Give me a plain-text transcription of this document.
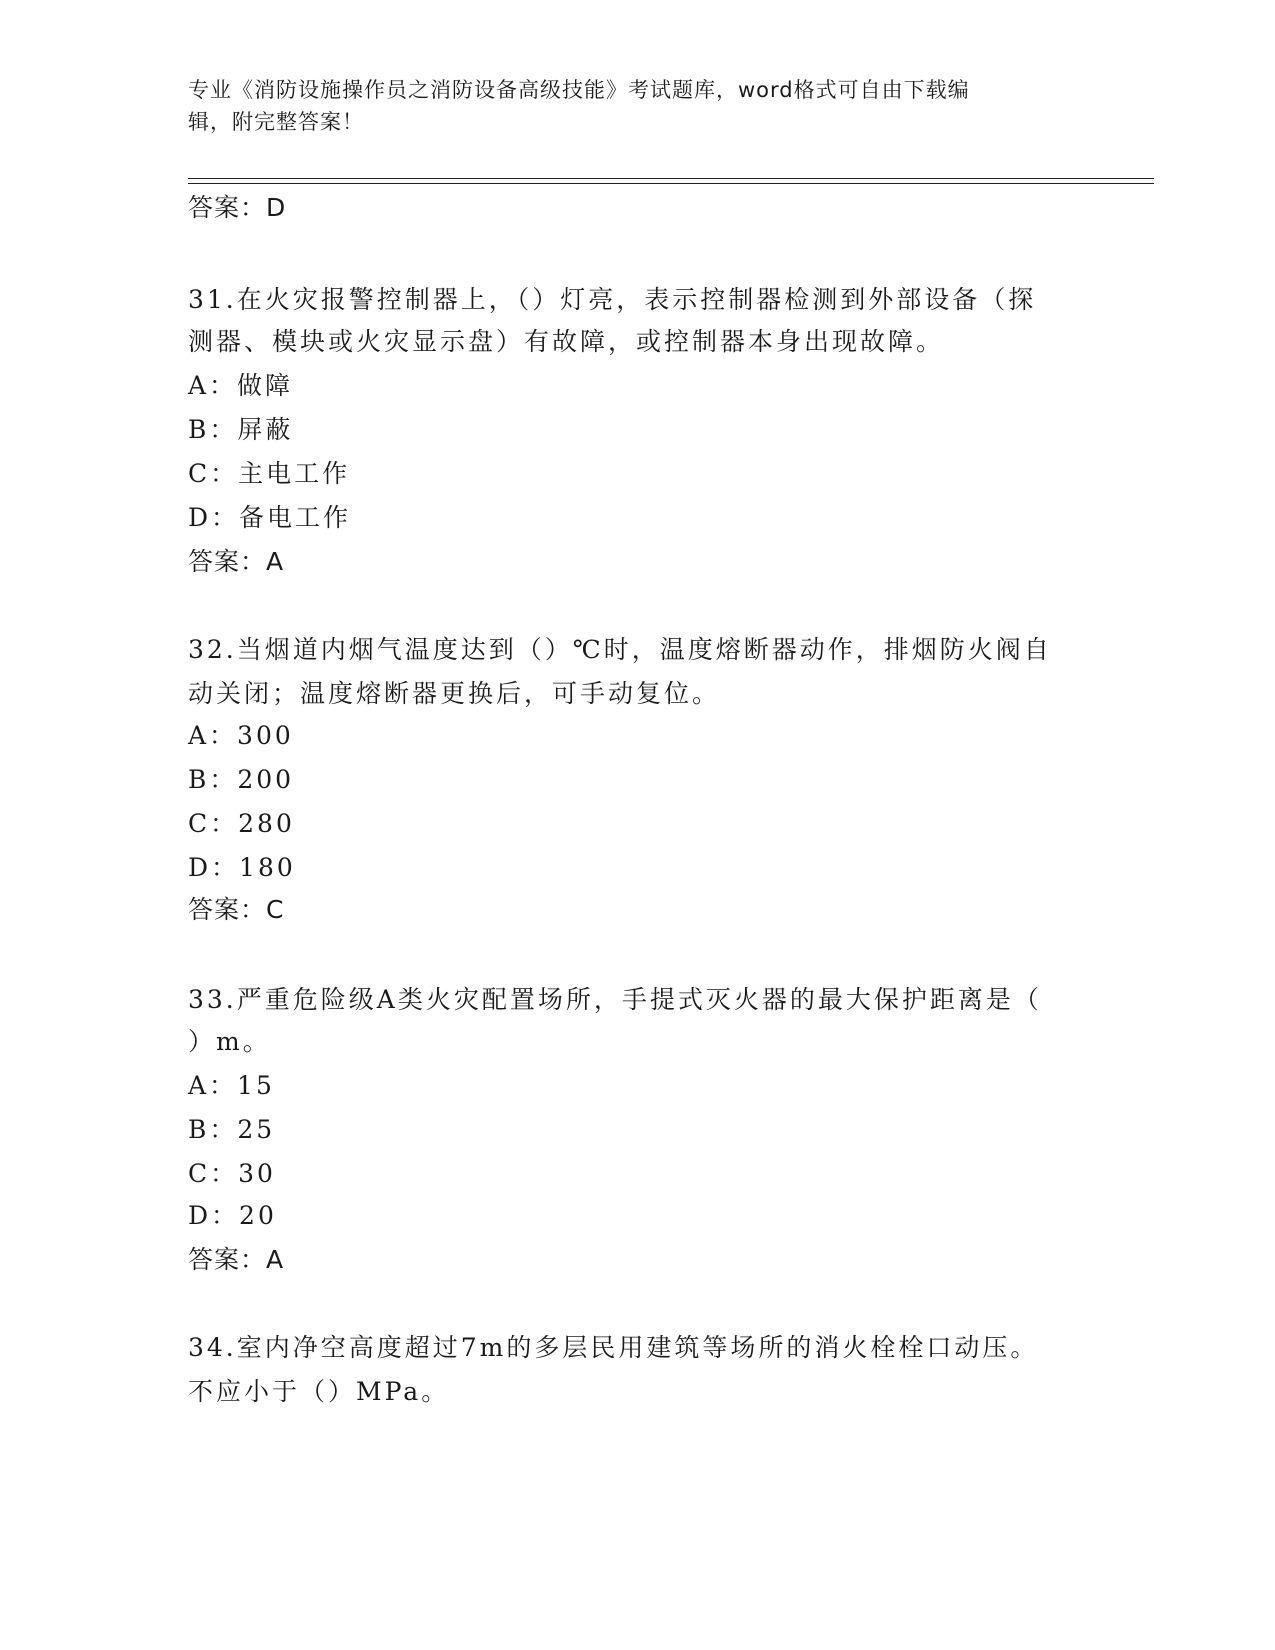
专业《消防设施操作员之消防设备高级技能》考试题库，word格式可自由下载编
辑，附完整答案！
答案：D
31.在火灾报警控制器上，（）灯亮，表示控制器检测到外部设备（探
测器、模块或火灾显示盘）有故障，或控制器本身出现故障。
A：做障
B：屏蔽
C：主电工作
D：备电工作
答案：A
32.当烟道内烟气温度达到（）℃时，温度熔断器动作，排烟防火阀自
动关闭；温度熔断器更换后，可手动复位。
A：300
B：200
C：280
D：180
答案：C
33.严重危险级A类火灾配置场所，手提式灭火器的最大保护距离是（
）m。
A：15
B：25
C：30
D：20
答案：A
34.室内净空高度超过7m的多层民用建筑等场所的消火栓栓口动压。
不应小于（）MPa。
